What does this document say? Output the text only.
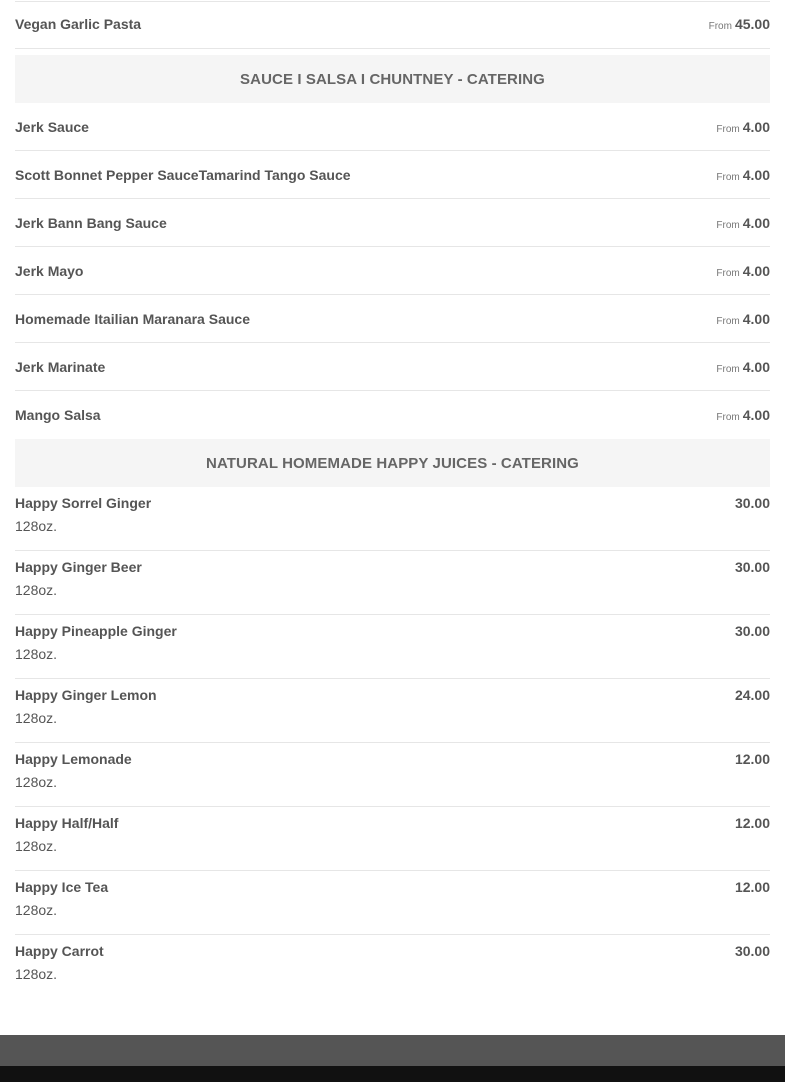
Vegan Garlic Pasta	From 45.00
SAUCE I SALSA I CHUNTNEY - CATERING
Jerk Sauce	From 4.00
Scott Bonnet Pepper SauceTamarind Tango Sauce	From 4.00
Jerk Bann Bang Sauce	From 4.00
Jerk Mayo	From 4.00
Homemade Itailian Maranara Sauce	From 4.00
Jerk Marinate	From 4.00
Mango Salsa	From 4.00
NATURAL HOMEMADE HAPPY JUICES - CATERING
Happy Sorrel Ginger	30.00
128oz.
Happy Ginger Beer	30.00
128oz.
Happy Pineapple Ginger	30.00
128oz.
Happy Ginger Lemon	24.00
128oz.
Happy Lemonade	12.00
128oz.
Happy Half/Half	12.00
128oz.
Happy Ice Tea	12.00
128oz.
Happy Carrot	30.00
128oz.
